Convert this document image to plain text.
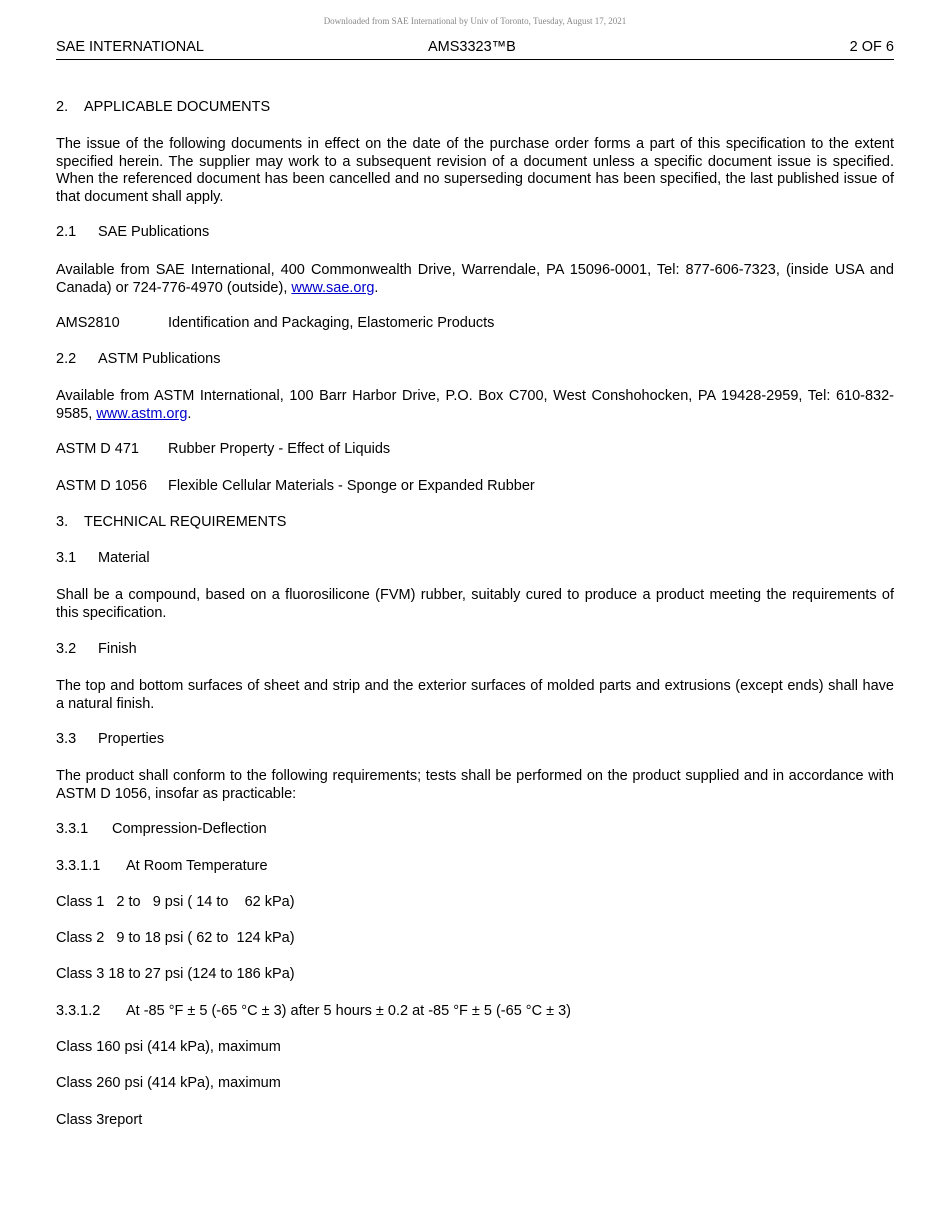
Downloaded from SAE International by Univ of Toronto, Tuesday, August 17, 2021
SAE INTERNATIONAL	AMS3323™B	2 OF 6

2. APPLICABLE DOCUMENTS

The issue of the following documents in effect on the date of the purchase order forms a part of this specification to the extent specified herein. The supplier may work to a subsequent revision of a document unless a specific document issue is specified. When the referenced document has been cancelled and no superseding document has been specified, the last published issue of that document shall apply.

2.1 SAE Publications

Available from SAE International, 400 Commonwealth Drive, Warrendale, PA 15096-0001, Tel: 877-606-7323, (inside USA and Canada) or 724-776-4970 (outside), www.sae.org.

AMS2810	Identification and Packaging, Elastomeric Products

2.2 ASTM Publications

Available from ASTM International, 100 Barr Harbor Drive, P.O. Box C700, West Conshohocken, PA 19428-2959, Tel: 610-832-9585, www.astm.org.

ASTM D 471 Rubber Property - Effect of Liquids

ASTM D 1056 Flexible Cellular Materials - Sponge or Expanded Rubber

3. TECHNICAL REQUIREMENTS

3.1 Material

Shall be a compound, based on a fluorosilicone (FVM) rubber, suitably cured to produce a product meeting the requirements of this specification.

3.2 Finish

The top and bottom surfaces of sheet and strip and the exterior surfaces of molded parts and extrusions (except ends) shall have a natural finish.

3.3 Properties

The product shall conform to the following requirements; tests shall be performed on the product supplied and in accordance with ASTM D 1056, insofar as practicable:

3.3.1 Compression-Deflection

3.3.1.1 At Room Temperature

Class 1   2 to   9 psi ( 14 to    62 kPa)

Class 2   9 to 18 psi ( 62 to  124 kPa)

Class 3 18 to 27 psi (124 to 186 kPa)

3.3.1.2 At -85 °F ± 5 (-65 °C ± 3) after 5 hours ± 0.2 at -85 °F ± 5 (-65 °C ± 3)

Class 160 psi (414 kPa), maximum

Class 260 psi (414 kPa), maximum

Class 3report
